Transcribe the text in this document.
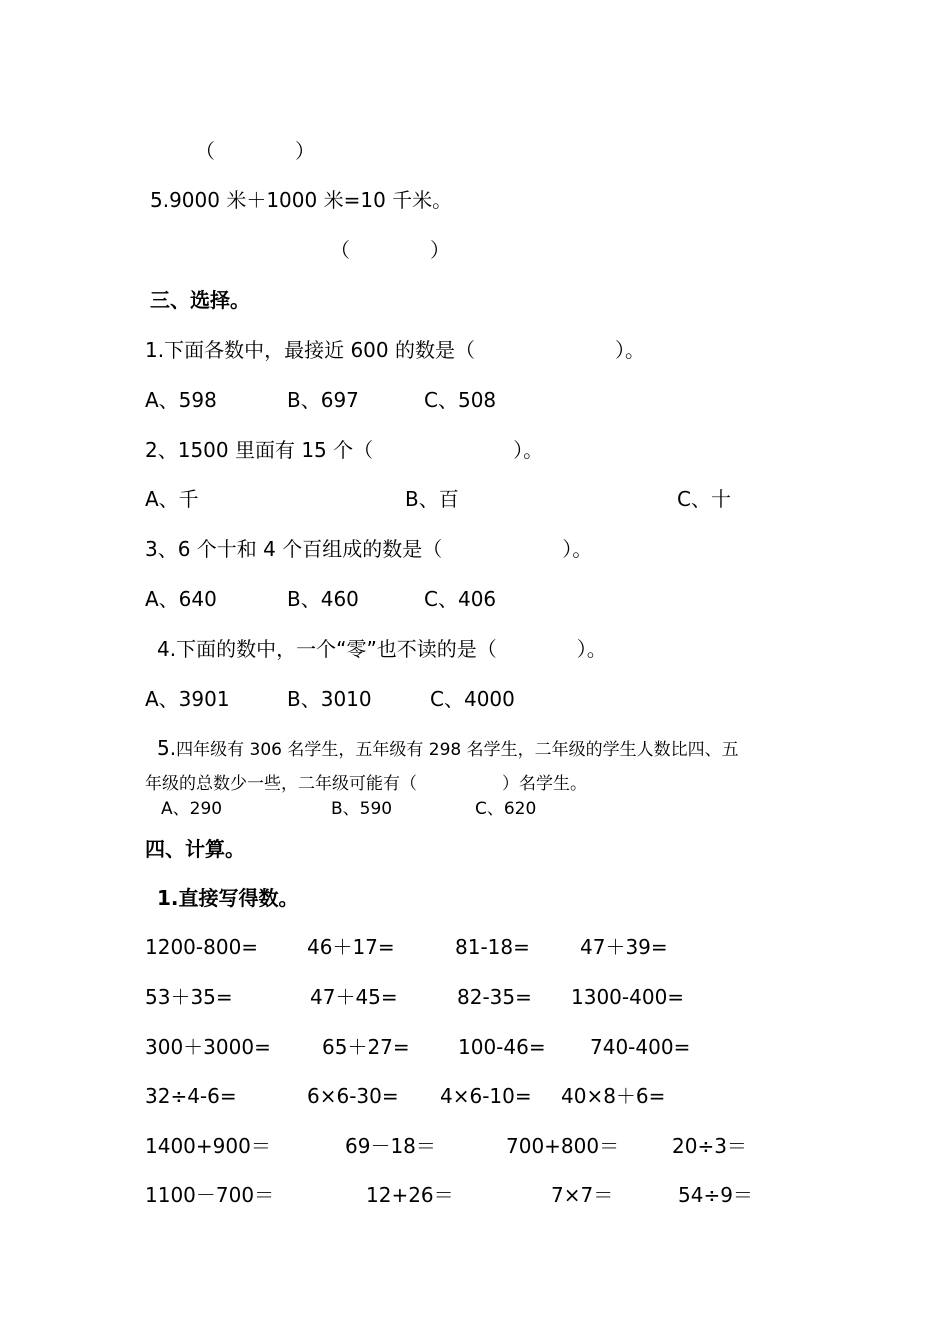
（　　　　）
5.9000 米＋1000 米=10 千米。
（　　　　）
三、选择。
1.下面各数中，最接近 600 的数是（　　　　　　　）。
A、598	B、697	C、508
2、1500 里面有 15 个（　　　　　　　）。
A、千	B、百	C、十
3、6 个十和 4 个百组成的数是（　　　　　　）。
A、640	B、460	C、406
4.下面的数中，一个“零”也不读的是（　　　　）。
A、3901	B、3010	C、4000
5.四年级有 306 名学生，五年级有 298 名学生，二年级的学生人数比四、五
年级的总数少一些，二年级可能有（　　　　　）名学生。
A、290	B、590	C、620
四、计算。
1.直接写得数。
1200-800= 46＋17=	81-18=	47＋39=
53＋35=	47＋45=	82-35= 1300-400=
300＋3000=	65＋27= 100-46= 740-400=
32÷4-6=	6×6-30= 4×6-10= 40×8＋6=
1400+900＝	69－18＝	700+800＝	20÷3＝
1100－700＝	12+26＝	7×7＝	54÷9＝
